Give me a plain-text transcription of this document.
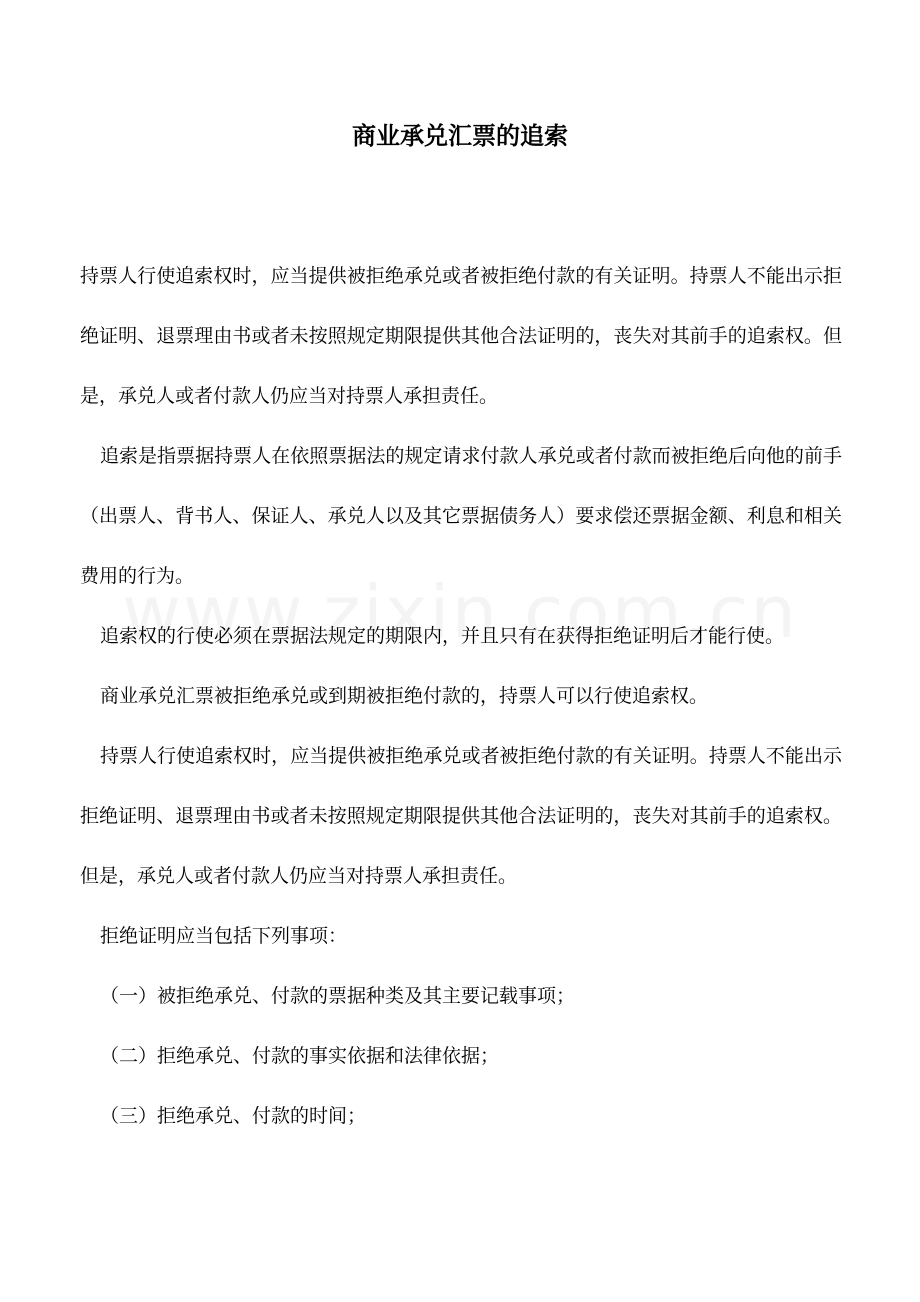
商业承兑汇票的追索

持票人行使追索权时，应当提供被拒绝承兑或者被拒绝付款的有关证明。持票人不能出示拒绝证明、退票理由书或者未按照规定期限提供其他合法证明的，丧失对其前手的追索权。但是，承兑人或者付款人仍应当对持票人承担责任。

追索是指票据持票人在依照票据法的规定请求付款人承兑或者付款而被拒绝后向他的前手（出票人、背书人、保证人、承兑人以及其它票据债务人）要求偿还票据金额、利息和相关费用的行为。

追索权的行使必须在票据法规定的期限内，并且只有在获得拒绝证明后才能行使。

商业承兑汇票被拒绝承兑或到期被拒绝付款的，持票人可以行使追索权。

持票人行使追索权时，应当提供被拒绝承兑或者被拒绝付款的有关证明。持票人不能出示拒绝证明、退票理由书或者未按照规定期限提供其他合法证明的，丧失对其前手的追索权。但是，承兑人或者付款人仍应当对持票人承担责任。

拒绝证明应当包括下列事项：

（一）被拒绝承兑、付款的票据种类及其主要记载事项；

（二）拒绝承兑、付款的事实依据和法律依据；

（三）拒绝承兑、付款的时间；
